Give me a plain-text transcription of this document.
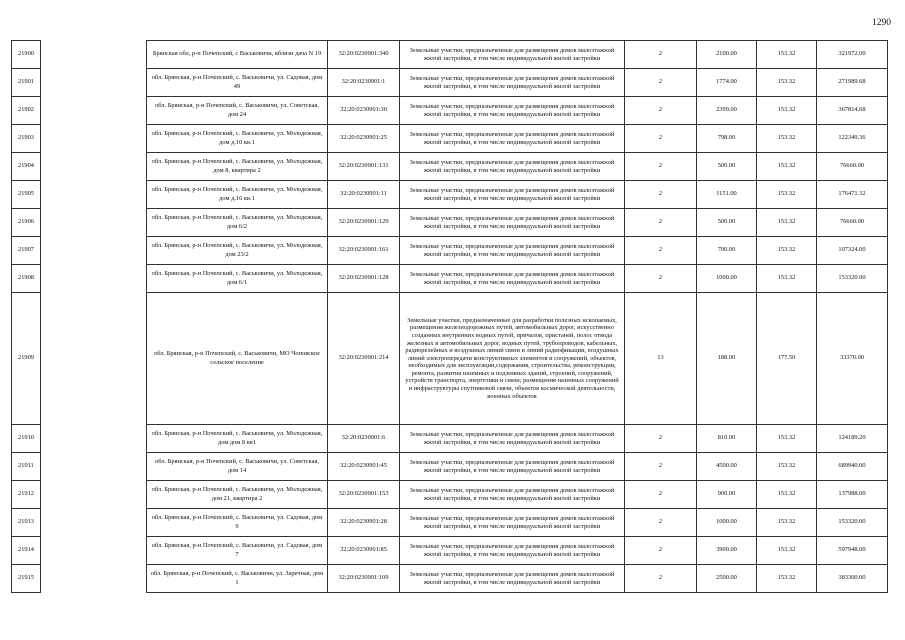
1290
21900		Брянская обл, р-н Почепский, с Васьковичи, вблизи дача N 19	32:20:0230901:340	Земельные участки, предназначенные для размещения домов малоэтажной жилой застройки, в том числе индивидуальной жилой застройки	2	2100.00	153.32	321972.00
21901		обл. Брянская, р-н Почепский, с. Васьковичи, ул. Садовая, дом 49	32:20:0230901:1	Земельные участки, предназначенные для размещения домов малоэтажной жилой застройки, в том числе индивидуальной жилой застройки	2	1774.00	153.32	271989.68
21902		обл. Брянская, р-н Почепский, с. Васьковичи, ул. Советская, дом 24	32:20:0230901:30	Земельные участки, предназначенные для размещения домов малоэтажной жилой застройки, в том числе индивидуальной жилой застройки	2	2399.00	153.32	367814.68
21903		обл. Брянская, р-н Почепский, с. Васьковичи, ул. Молодежная, дом д.10 кв.1	32:20:0230901:25	Земельные участки, предназначенные для размещения домов малоэтажной жилой застройки, в том числе индивидуальной жилой застройки	2	798.00	153.32	122349.36
21904		обл. Брянская, р-н Почепский, с. Васьковичи, ул. Молодежная, дом 8, квартира 2	32:20:0230901:131	Земельные участки, предназначенные для размещения домов малоэтажной жилой застройки, в том числе индивидуальной жилой застройки	2	500.00	153.32	76660.00
21905		обл. Брянская, р-н Почепский, с. Васьковичи, ул. Молодежная, дом д.16 кв.1	32:20:0230901:11	Земельные участки, предназначенные для размещения домов малоэтажной жилой застройки, в том числе индивидуальной жилой застройки	2	1151.00	153.32	176471.32
21906		обл. Брянская, р-н Почепский, с. Васьковичи, ул. Молодежная, дом 6/2	32:20:0230901:129	Земельные участки, предназначенные для размещения домов малоэтажной жилой застройки, в том числе индивидуальной жилой застройки	2	500.00	153.32	76660.00
21907		обл. Брянская, р-н Почепский, с. Васьковичи, ул. Молодежная, дом 23/2	32:20:0230901:161	Земельные участки, предназначенные для размещения домов малоэтажной жилой застройки, в том числе индивидуальной жилой застройки	2	700.00	153.32	107324.00
21908		обл. Брянская, р-н Почепский, с. Васьковичи, ул. Молодежная, дом 6/1	32:20:0230901:128	Земельные участки, предназначенные для размещения домов малоэтажной жилой застройки, в том числе индивидуальной жилой застройки	2	1000.00	153.32	153320.00
21909		обл. Брянская, р-н Почепский, с. Васьковичи, МО Чоповское сельское поселение	32:20:0230901:214	Земельные участки, предназначенные для разработки полезных ископаемых, размещения железнодорожных путей, автомобильных дорог, искусственно созданных внутренних водных путей, причалов, пристаней, полос отвода железных и автомобильных дорог, водных путей, трубопроводов, кабельных, радиорелейных и воздушных линий связи и линий радиофикации, воздушных линий электропередачи конструктивных элементов и сооружений, объектов, необходимых для эксплуатации,содержания, строительства, реконструкции, ремонта, развития наземных и подземных зданий, строений, сооружений, устройств транспорта, энергетики и связи; размещения наземных сооружений и инфраструктуры спутниковой связи, объектов космической деятельности, военных объектов	13	188.00	177.50	33370.00
21910		обл. Брянская, р-н Почепский, с. Васьковичи, ул. Молодежная, дом дом 8 кв1	32:20:0230901:6	Земельные участки, предназначенные для размещения домов малоэтажной жилой застройки, в том числе индивидуальной жилой застройки	2	810.00	153.32	124189.20
21911		обл. Брянская, р-н Почепский, с. Васьковичи, ул. Советская, дом 14	32:20:0230901:45	Земельные участки, предназначенные для размещения домов малоэтажной жилой застройки, в том числе индивидуальной жилой застройки	2	4500.00	153.32	689940.00
21912		обл. Брянская, р-н Почепский, с. Васьковичи, ул. Молодежная, дом 21, квартира 2	32:20:0230901:153	Земельные участки, предназначенные для размещения домов малоэтажной жилой застройки, в том числе индивидуальной жилой застройки	2	900.00	153.32	137988.00
21913		обл. Брянская, р-н Почепский, с. Васьковичи, ул. Садовая, дом 9	32:20:0230901:28	Земельные участки, предназначенные для размещения домов малоэтажной жилой застройки, в том числе индивидуальной жилой застройки	2	1000.00	153.32	153320.00
21914		обл. Брянская, р-н Почепский, с. Васьковичи, ул. Садовая, дом 7	32:20:0230901:85	Земельные участки, предназначенные для размещения домов малоэтажной жилой застройки, в том числе индивидуальной жилой застройки	2	3900.00	153.32	597948.00
21915		обл. Брянская, р-н Почепский, с. Васьковичи, ул. Заречная, дом 1	32:20:0230901:109	Земельные участки, предназначенные для размещения домов малоэтажной жилой застройки, в том числе индивидуальной жилой застройки	2	2500.00	153.32	383300.00
